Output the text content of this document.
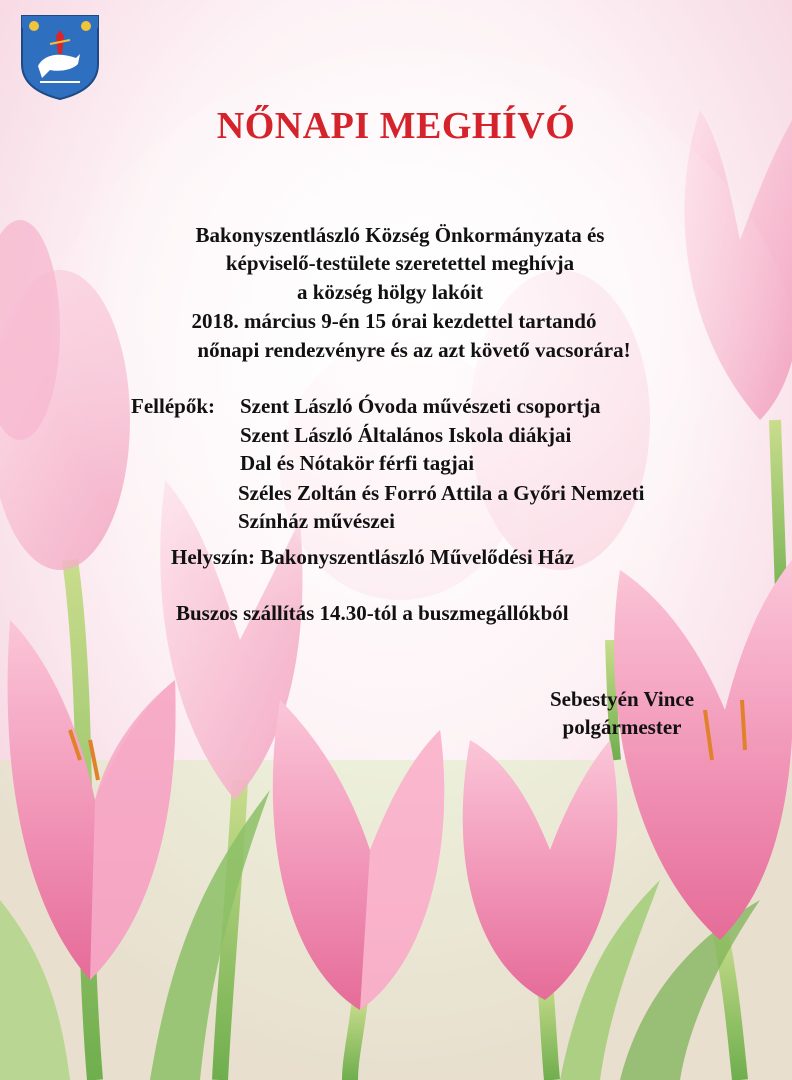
NŐNAPI MEGHÍVÓ
Bakonyszentlászló Község Önkormányzata és
képviselő-testülete szeretettel meghívja
a község hölgy lakóit
2018. március 9-én 15 órai kezdettel tartandó
nőnapi rendezvényre és az azt követő vacsorára!
Fellépők: Szent László Óvoda művészeti csoportja
Szent László Általános Iskola diákjai
Dal és Nótakör férfi tagjai
Széles Zoltán és Forró Attila a Győri Nemzeti
Színház művészei
Helyszín: Bakonyszentlászló Művelődési Ház
Buszos szállítás 14.30-tól a buszmegállókból
Sebestyén Vince
polgármester
